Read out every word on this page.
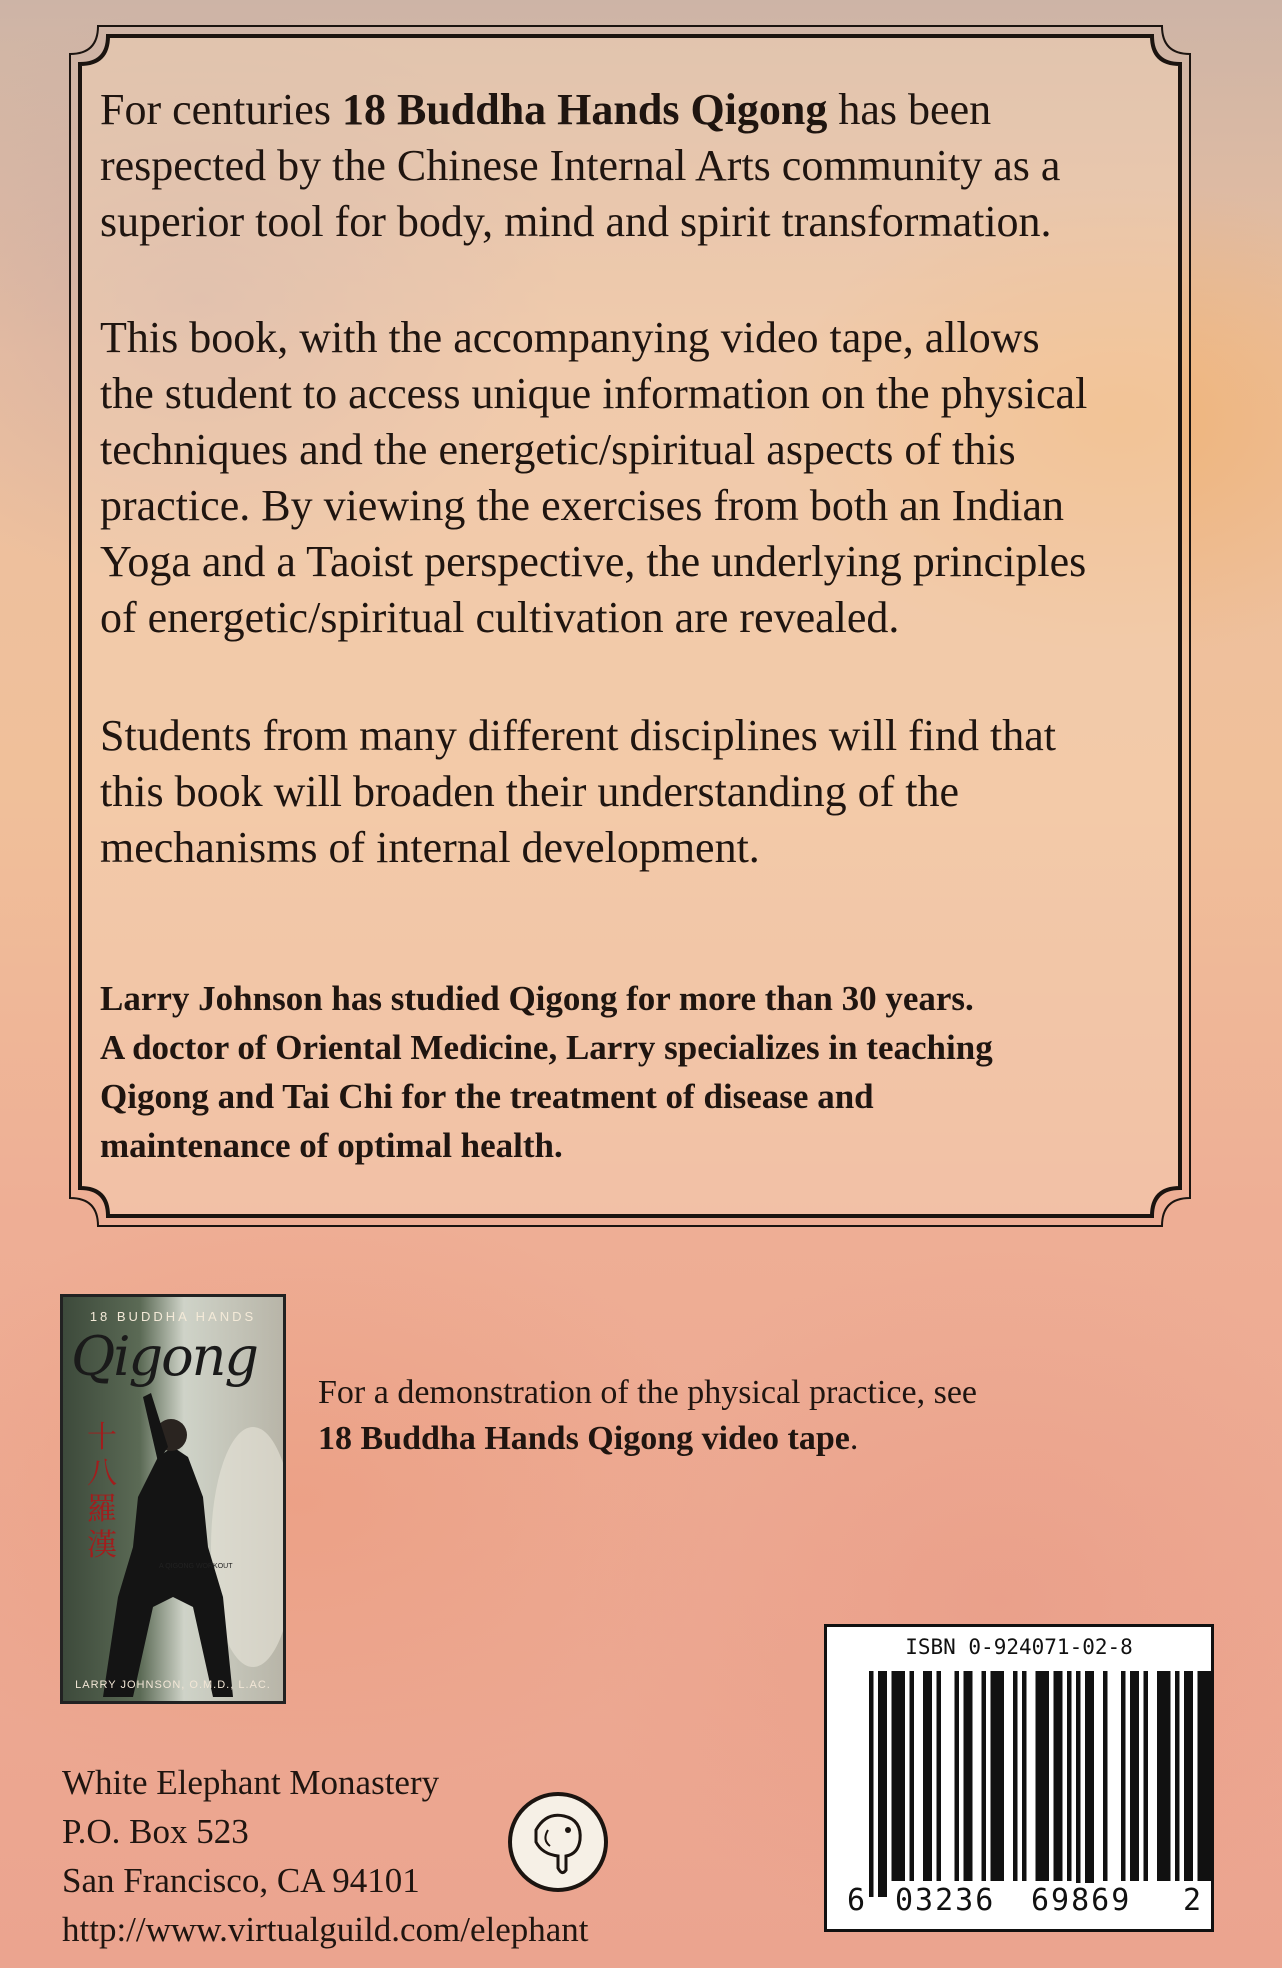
For centuries 18 Buddha Hands Qigong has been
respected by the Chinese Internal Arts community as a
superior tool for body, mind and spirit transformation.

This book, with the accompanying video tape, allows
the student to access unique information on the physical
techniques and the energetic/spiritual aspects of this
practice. By viewing the exercises from both an Indian
Yoga and a Taoist perspective, the underlying principles
of energetic/spiritual cultivation are revealed.

Students from many different disciplines will find that
this book will broaden their understanding of the
mechanisms of internal development.

Larry Johnson has studied Qigong for more than 30 years.
A doctor of Oriental Medicine, Larry specializes in teaching
Qigong and Tai Chi for the treatment of disease and
maintenance of optimal health.
十
八
羅
漢
18 BUDDHA HANDS
Qigong
A QIGONG WORKOUT
LARRY JOHNSON, O.M.D., L.AC.
For a demonstration of the physical practice, see
18 Buddha Hands Qigong video tape.
White Elephant Monastery
P.O. Box 523
San Francisco, CA 94101
http://www.virtualguild.com/elephant
ISBN 0-924071-02-8
6 03236 69869 2
